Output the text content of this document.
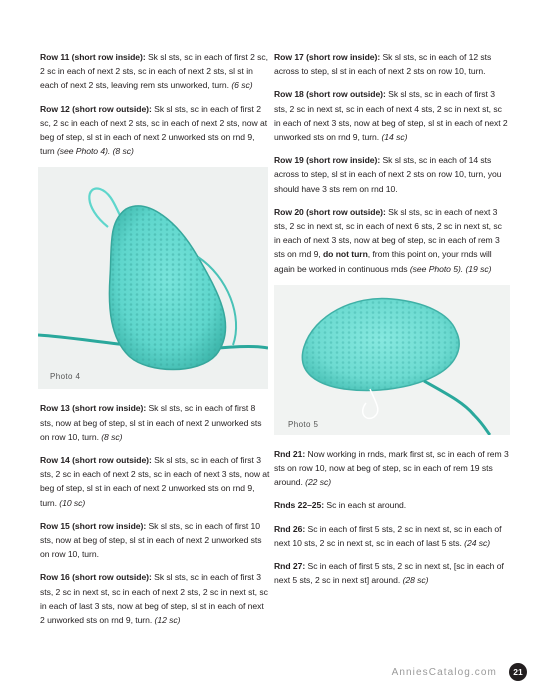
Row 11 (short row inside): Sk sl sts, sc in each of first 2 sc, 2 sc in each of next 2 sts, sc in each of next 2 sts, sl st in each of next 2 sts, leaving rem sts unworked, turn. (6 sc)

Row 12 (short row outside): Sk sl sts, sc in each of first 2 sc, 2 sc in each of next 2 sts, sc in each of next 2 sts, now at beg of step, sl st in each of next 2 unworked sts on rnd 9, turn (see Photo 4). (8 sc)

Photo 4

Row 13 (short row inside): Sk sl sts, sc in each of first 8 sts, now at beg of step, sl st in each of next 2 unworked sts on row 10, turn. (8 sc)

Row 14 (short row outside): Sk sl sts, sc in each of first 3 sts, 2 sc in each of next 2 sts, sc in each of next 3 sts, now at beg of step, sl st in each of next 2 unworked sts on rnd 9, turn. (10 sc)

Row 15 (short row inside): Sk sl sts, sc in each of first 10 sts, now at beg of step, sl st in each of next 2 unworked sts on row 10, turn.

Row 16 (short row outside): Sk sl sts, sc in each of first 3 sts, 2 sc in next st, sc in each of next 2 sts, 2 sc in next st, sc in each of last 3 sts, now at beg of step, sl st in each of next 2 unworked sts on rnd 9, turn. (12 sc)

Row 17 (short row inside): Sk sl sts, sc in each of 12 sts across to step, sl st in each of next 2 sts on row 10, turn.

Row 18 (short row outside): Sk sl sts, sc in each of first 3 sts, 2 sc in next st, sc in each of next 4 sts, 2 sc in next st, sc in each of next 3 sts, now at beg of step, sl st in each of next 2 unworked sts on rnd 9, turn. (14 sc)

Row 19 (short row inside): Sk sl sts, sc in each of 14 sts across to step, sl st in each of next 2 sts on row 10, turn, you should have 3 sts rem on rnd 10.

Row 20 (short row outside): Sk sl sts, sc in each of next 3 sts, 2 sc in next st, sc in each of next 6 sts, 2 sc in next st, sc in each of next 3 sts, now at beg of step, sc in each of rem 3 sts on rnd 9, do not turn, from this point on, your rnds will again be worked in continuous rnds (see Photo 5). (19 sc)

Photo 5

Rnd 21: Now working in rnds, mark first st, sc in each of rem 3 sts on row 10, now at beg of step, sc in each of rem 19 sts around. (22 sc)

Rnds 22–25: Sc in each st around.

Rnd 26: Sc in each of first 5 sts, 2 sc in next st, sc in each of next 10 sts, 2 sc in next st, sc in each of last 5 sts. (24 sc)

Rnd 27: Sc in each of first 5 sts, 2 sc in next st, [sc in each of next 5 sts, 2 sc in next st] around. (28 sc)

AnniesCatalog.com	21
